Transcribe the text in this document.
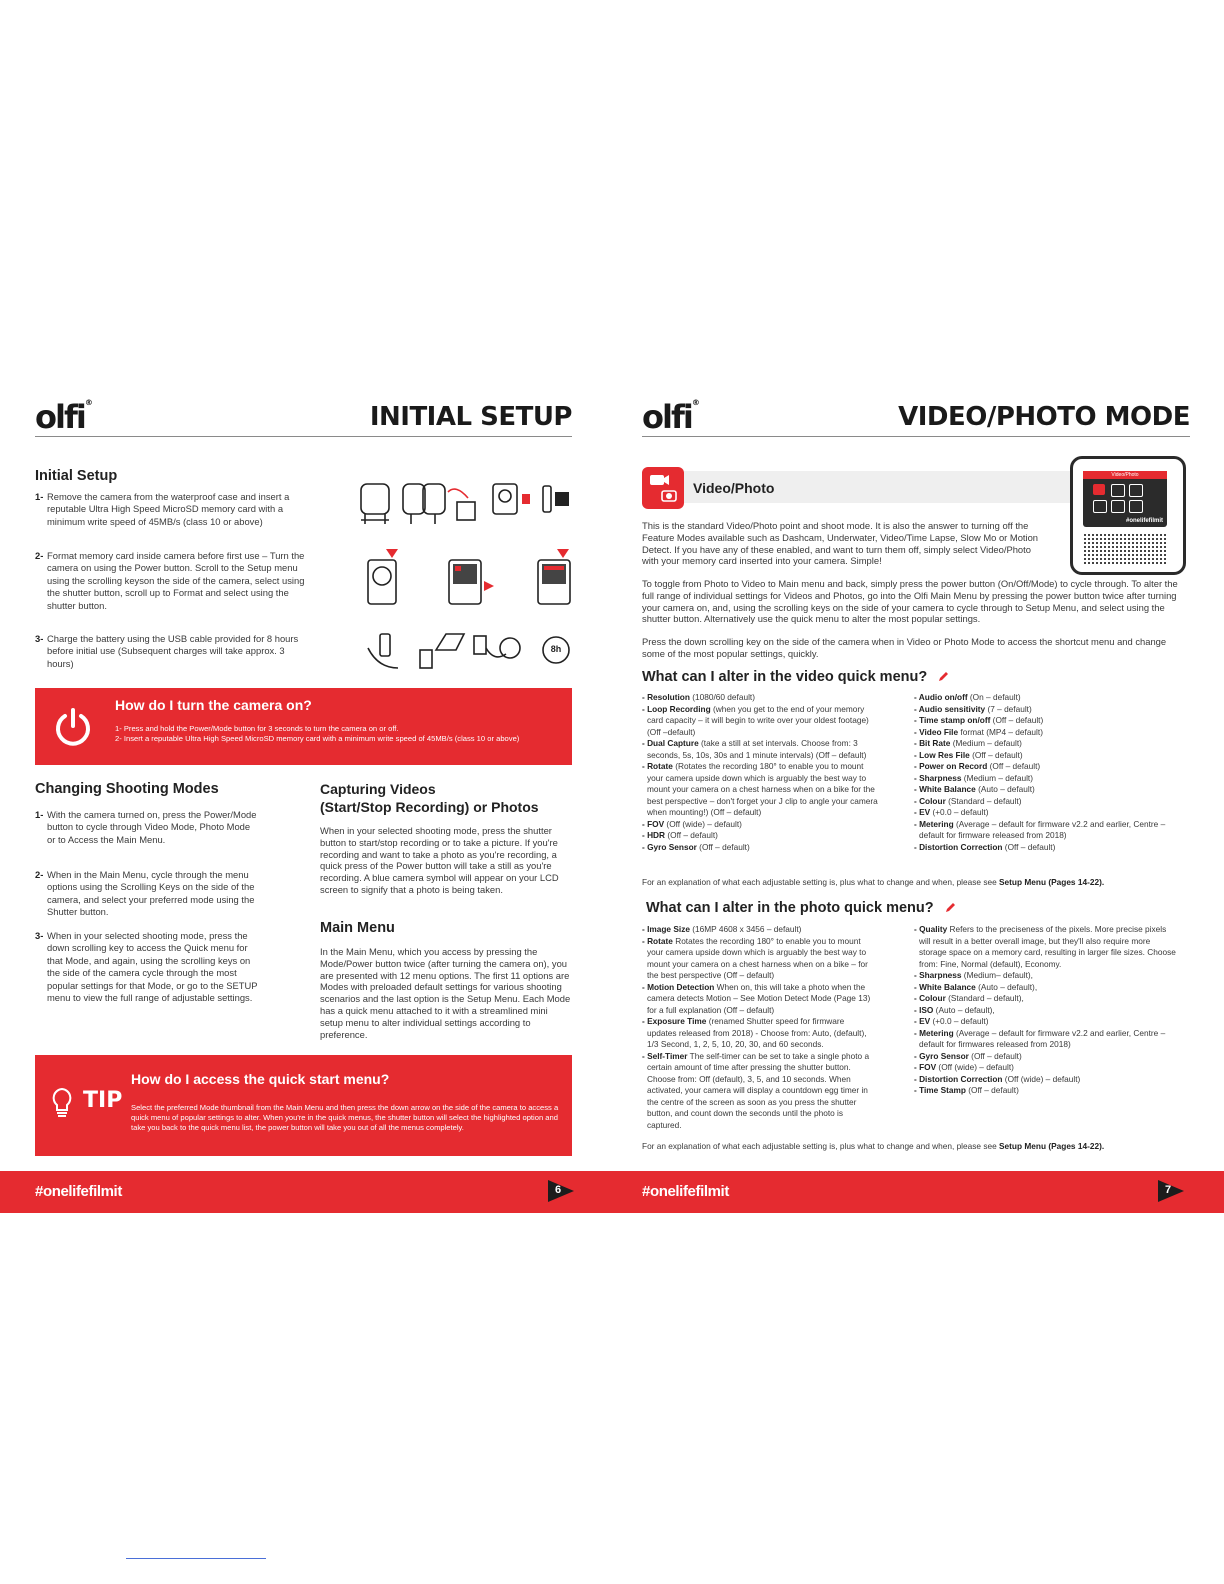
olfi®	INITIAL SETUP
Initial Setup
1- Remove the camera from the waterproof case and insert a reputable Ultra High Speed MicroSD memory card with a minimum write speed of 45MB/s (class 10 or above)
2- Format memory card inside camera before first use – Turn the camera on using the Power button. Scroll to the Setup menu using the scrolling keyson the side of the camera, select using the shutter button, scroll up to Format and select using the shutter button.
3- Charge the battery using the USB cable provided for 8 hours before initial use (Subsequent charges will take approx. 3 hours)
8h
How do I turn the camera on?
1- Press and hold the Power/Mode button for 3 seconds to turn the camera on or off.
2- Insert a reputable Ultra High Speed MicroSD memory card with a minimum write speed of 45MB/s (class 10 or above)
Changing Shooting Modes
1- With the camera turned on, press the Power/Mode button to cycle through Video Mode, Photo Mode or to Access the Main Menu.
2- When in the Main Menu, cycle through the menu options using the Scrolling Keys on the side of the camera, and select your preferred mode using the Shutter button.
3- When in your selected shooting mode, press the down scrolling key to access the Quick menu for that Mode, and again, using the scrolling keys on the side of the camera cycle through the most popular settings for that Mode, or go to the SETUP menu to view the full range of adjustable settings.
Capturing Videos
(Start/Stop Recording) or Photos
When in your selected shooting mode, press the shutter button to start/stop recording or to take a picture. If you're recording and want to take a photo as you're recording, a quick press of the Power button will take a still as you're recording. A blue camera symbol will appear on your LCD screen to signify that a photo is being taken.
Main Menu
In the Main Menu, which you access by pressing the Mode/Power button twice (after turning the camera on), you are presented with 12 menu options. The first 11 options are Modes with preloaded default settings for various shooting scenarios and the last option is the Setup Menu. Each Mode has a quick menu attached to it with a streamlined mini setup menu to alter individual settings according to preference.
TIP
How do I access the quick start menu?
Select the preferred Mode thumbnail from the Main Menu and then press the down arrow on the side of the camera to access a quick menu of popular settings to alter. When you're in the quick menus, the shutter button will select the highlighted option and take you back to the quick menu list, the power button will take you out of all the menus completely.
#onelifefilmit	6
olfi®	VIDEO/PHOTO MODE
Video/Photo
Video/Photo
#onelifefilmit
This is the standard Video/Photo point and shoot mode. It is also the answer to turning off the Feature Modes available such as Dashcam, Underwater, Video/Time Lapse, Slow Mo or Motion Detect. If you have any of these enabled, and want to turn them off, simply select Video/Photo with your memory card inserted into your camera. Simple!
To toggle from Photo to Video to Main menu and back, simply press the power button (On/Off/Mode) to cycle through. To alter the full range of individual settings for Videos and Photos, go into the Olfi Main Menu by pressing the power button twice after turning your camera on, and, using the scrolling keys on the side of your camera to cycle through to Setup Menu, and select using the shutter button. Alternatively use the quick menu to alter the most popular settings.
Press the down scrolling key on the side of the camera when in Video or Photo Mode to access the shortcut menu and change some of the most popular settings, quickly.
What can I alter in the video quick menu?
- Resolution (1080/60 default)
- Loop Recording (when you get to the end of your memory card capacity – it will begin to write over your oldest footage) (Off –default)
- Dual Capture (take a still at set intervals. Choose from: 3 seconds, 5s, 10s, 30s and 1 minute intervals) (Off – default)
- Rotate (Rotates the recording 180° to enable you to mount your camera upside down which is arguably the best way to mount your camera on a chest harness when on a bike for the best perspective – don't forget your J clip to angle your camera when mounting!) (Off – default)
- FOV (Off (wide) – default)
- HDR (Off – default)
- Gyro Sensor (Off – default)
- Audio on/off (On – default)
- Audio sensitivity (7 – default)
- Time stamp on/off (Off – default)
- Video File format (MP4 – default)
- Bit Rate (Medium – default)
- Low Res File (Off – default)
- Power on Record (Off – default)
- Sharpness (Medium – default)
- White Balance (Auto – default)
- Colour (Standard – default)
- EV (+0.0 – default)
- Metering (Average – default for firmware v2.2 and earlier, Centre – default for firmware released from 2018)
- Distortion Correction (Off – default)
For an explanation of what each adjustable setting is, plus what to change and when, please see Setup Menu (Pages 14-22).
What can I alter in the photo quick menu?
- Image Size (16MP 4608 x 3456 – default)
- Rotate Rotates the recording 180° to enable you to mount your camera upside down which is arguably the best way to mount your camera on a chest harness when on a bike – for the best perspective (Off – default)
- Motion Detection When on, this will take a photo when the camera detects Motion – See Motion Detect Mode (Page 13) for a full explanation (Off – default)
- Exposure Time (renamed Shutter speed for firmware updates released from 2018) - Choose from: Auto, (default), 1/3 Second, 1, 2, 5, 10, 20, 30, and 60 seconds.
- Self-Timer The self-timer can be set to take a single photo a certain amount of time after pressing the shutter button. Choose from: Off (default), 3, 5, and 10 seconds. When activated, your camera will display a countdown egg timer in the centre of the screen as soon as you press the shutter button, and count down the seconds until the photo is captured.
- Quality Refers to the preciseness of the pixels. More precise pixels will result in a better overall image, but they'll also require more storage space on a memory card, resulting in larger file sizes. Choose from: Fine, Normal (default), Economy.
- Sharpness (Medium– default),
- White Balance (Auto – default),
- Colour (Standard – default),
- ISO (Auto – default),
- EV (+0.0 – default)
- Metering (Average – default for firmware v2.2 and earlier, Centre – default for firmwares released from 2018)
- Gyro Sensor (Off – default)
- FOV (Off (wide) – default)
- Distortion Correction (Off (wide) – default)
- Time Stamp (Off – default)
For an explanation of what each adjustable setting is, plus what to change and when, please see Setup Menu (Pages 14-22).
#onelifefilmit	7
